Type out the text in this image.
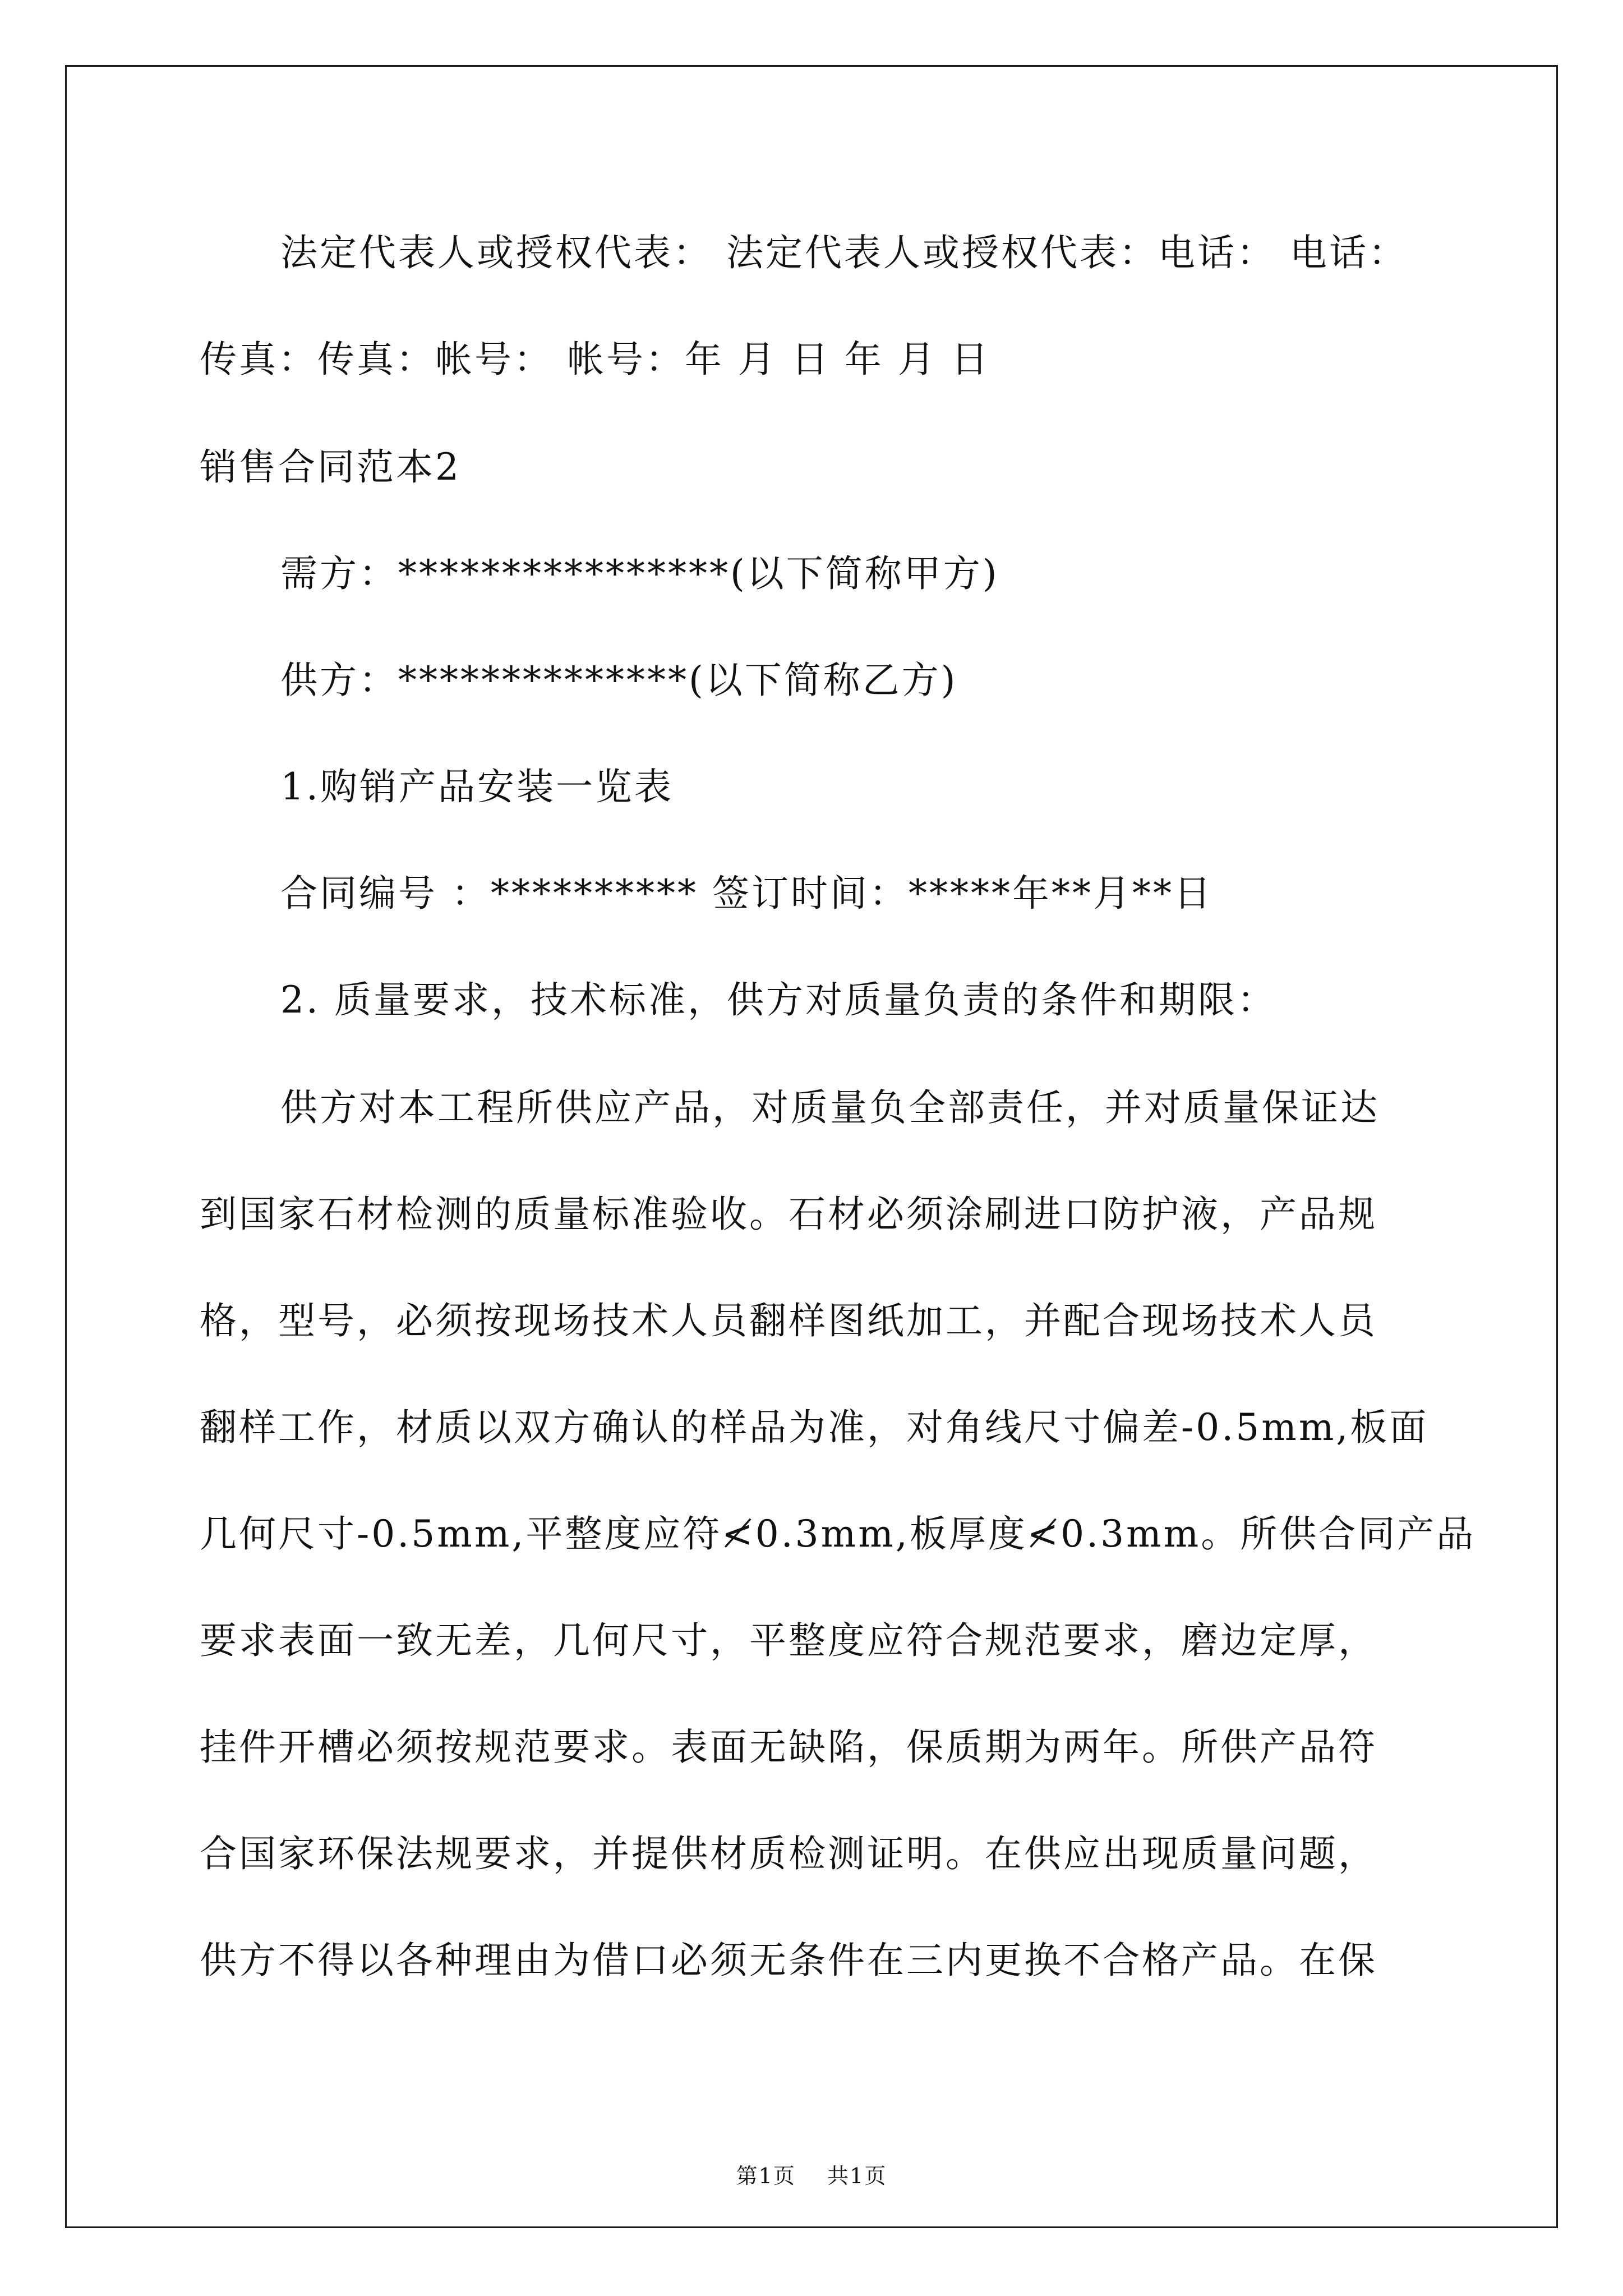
法定代表人或授权代表： 法定代表人或授权代表：电话： 电话：
传真：传真：帐号： 帐号：年 月 日 年 月 日
销售合同范本2
需方：****************(以下简称甲方)
供方：**************(以下简称乙方)
1.购销产品安装一览表
合同编号 ：********** 签订时间：*****年**月**日
2. 质量要求，技术标准，供方对质量负责的条件和期限：
供方对本工程所供应产品，对质量负全部责任，并对质量保证达
到国家石材检测的质量标准验收。石材必须涂刷进口防护液，产品规
格，型号，必须按现场技术人员翻样图纸加工，并配合现场技术人员
翻样工作，材质以双方确认的样品为准，对角线尺寸偏差-0.5mm,板面
几何尺寸-0.5mm,平整度应符≮0.3mm,板厚度≮0.3mm。所供合同产品
要求表面一致无差，几何尺寸，平整度应符合规范要求，磨边定厚，
挂件开槽必须按规范要求。表面无缺陷，保质期为两年。所供产品符
合国家环保法规要求，并提供材质检测证明。在供应出现质量问题，
供方不得以各种理由为借口必须无条件在三内更换不合格产品。在保
第1页    共1页
